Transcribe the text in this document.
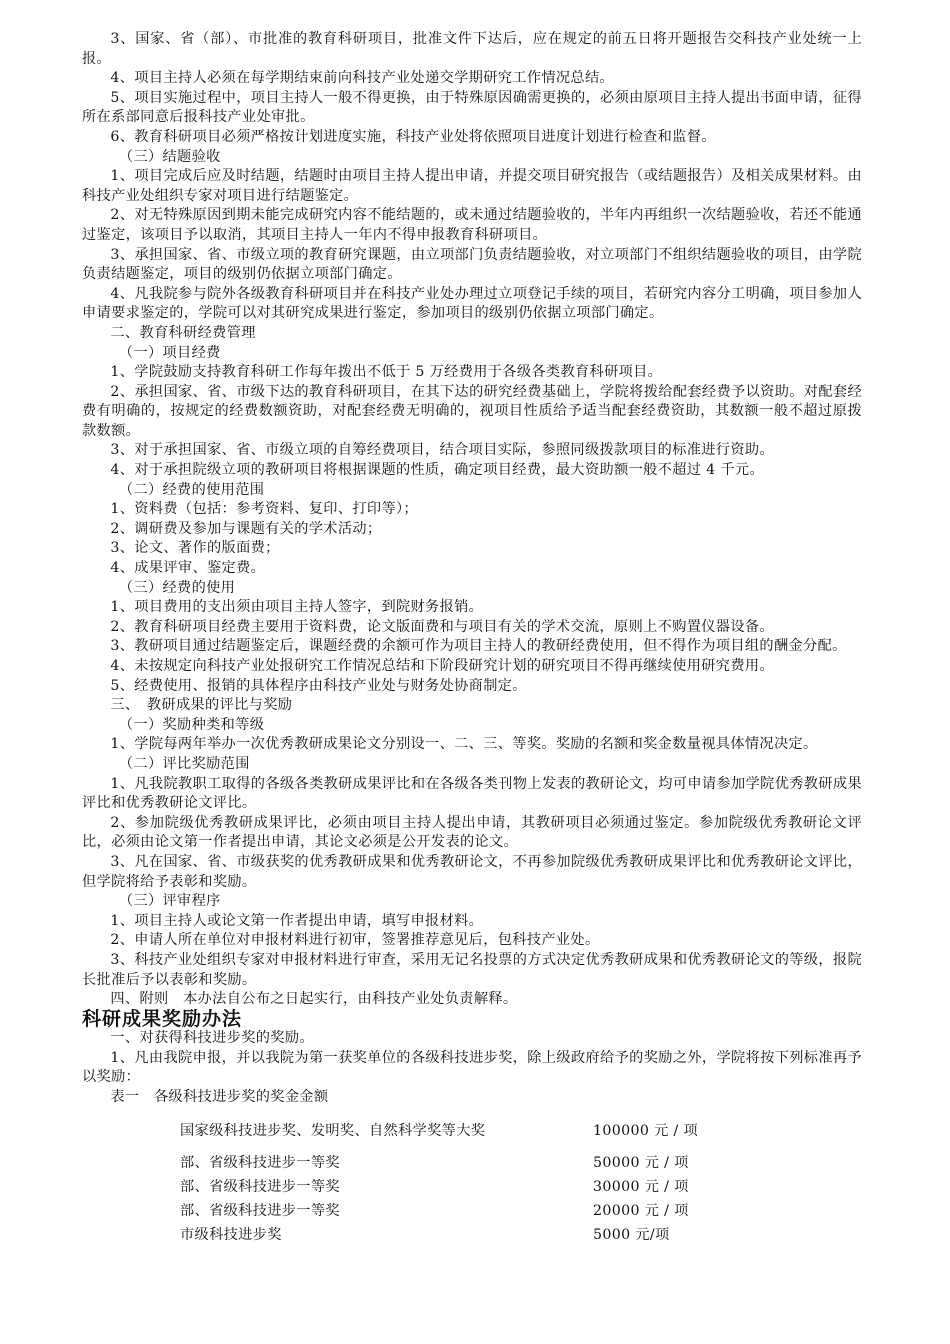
3、国家、省（部）、市批准的教育科研项目，批准文件下达后，应在规定的前五日将开题报告交科技产业处统一上报。

4、项目主持人必须在每学期结束前向科技产业处递交学期研究工作情况总结。

5、项目实施过程中，项目主持人一般不得更换，由于特殊原因确需更换的，必须由原项目主持人提出书面申请，征得所在系部同意后报科技产业处审批。

6、教育科研项目必须严格按计划进度实施，科技产业处将依照项目进度计划进行检查和监督。

（三）结题验收

1、项目完成后应及时结题，结题时由项目主持人提出申请，并提交项目研究报告（或结题报告）及相关成果材料。由科技产业处组织专家对项目进行结题鉴定。

2、对无特殊原因到期未能完成研究内容不能结题的，或未通过结题验收的，半年内再组织一次结题验收，若还不能通过鉴定，该项目予以取消，其项目主持人一年内不得申报教育科研项目。

3、承担国家、省、市级立项的教育研究课题，由立项部门负责结题验收，对立项部门不组织结题验收的项目，由学院负责结题鉴定，项目的级别仍依据立项部门确定。

4、凡我院参与院外各级教育科研项目并在科技产业处办理过立项登记手续的项目，若研究内容分工明确，项目参加人申请要求鉴定的，学院可以对其研究成果进行鉴定，参加项目的级别仍依据立项部门确定。

二、教育科研经费管理

（一）项目经费

1、学院鼓励支持教育科研工作每年拨出不低于 5 万经费用于各级各类教育科研项目。

2、承担国家、省、市级下达的教育科研项目，在其下达的研究经费基础上，学院将拨给配套经费予以资助。对配套经费有明确的，按规定的经费数额资助，对配套经费无明确的，视项目性质给予适当配套经费资助，其数额一般不超过原拨款数额。

3、对于承担国家、省、市级立项的自筹经费项目，结合项目实际，参照同级拨款项目的标准进行资助。

4、对于承担院级立项的教研项目将根据课题的性质，确定项目经费，最大资助额一般不超过 4 千元。

（二）经费的使用范围

1、资料费（包括：参考资料、复印、打印等）；

2、调研费及参加与课题有关的学术活动；

3、论文、著作的版面费；

4、成果评审、鉴定费。

（三）经费的使用

1、项目费用的支出须由项目主持人签字，到院财务报销。

2、教育科研项目经费主要用于资料费，论文版面费和与项目有关的学术交流，原则上不购置仪器设备。

3、教研项目通过结题鉴定后，课题经费的余额可作为项目主持人的教研经费使用，但不得作为项目组的酬金分配。

4、未按规定向科技产业处报研究工作情况总结和下阶段研究计划的研究项目不得再继续使用研究费用。

5、经费使用、报销的具体程序由科技产业处与财务处协商制定。

三、　教研成果的评比与奖励

（一）奖励种类和等级

1、学院每两年举办一次优秀教研成果论文分别设一、二、三、等奖。奖励的名额和奖金数量视具体情况决定。

（二）评比奖励范围

1、凡我院教职工取得的各级各类教研成果评比和在各级各类刊物上发表的教研论文，均可申请参加学院优秀教研成果评比和优秀教研论文评比。

2、参加院级优秀教研成果评比，必须由项目主持人提出申请，其教研项目必须通过鉴定。参加院级优秀教研论文评比，必须由论文第一作者提出申请，其论文必须是公开发表的论文。

3、凡在国家、省、市级获奖的优秀教研成果和优秀教研论文，不再参加院级优秀教研成果评比和优秀教研论文评比，但学院将给予表彰和奖励。

（三）评审程序

1、项目主持人或论文第一作者提出申请，填写申报材料。

2、申请人所在单位对申报材料进行初审，签署推荐意见后，包科技产业处。

3、科技产业处组织专家对申报材料进行审查，采用无记名投票的方式决定优秀教研成果和优秀教研论文的等级，报院长批准后予以表彰和奖励。

四、附则　本办法自公布之日起实行，由科技产业处负责解释。

科研成果奖励办法

一、对获得科技进步奖的奖励。

1、凡由我院申报，并以我院为第一获奖单位的各级科技进步奖，除上级政府给予的奖励之外，学院将按下列标准再予以奖励：

表一　各级科技进步奖的奖金金额

国家级科技进步奖、发明奖、自然科学奖等大奖	100000 元 / 项
部、省级科技进步一等奖	50000 元 / 项
部、省级科技进步一等奖	30000 元 / 项
部、省级科技进步一等奖	20000 元 / 项
市级科技进步奖	5000 元/项
